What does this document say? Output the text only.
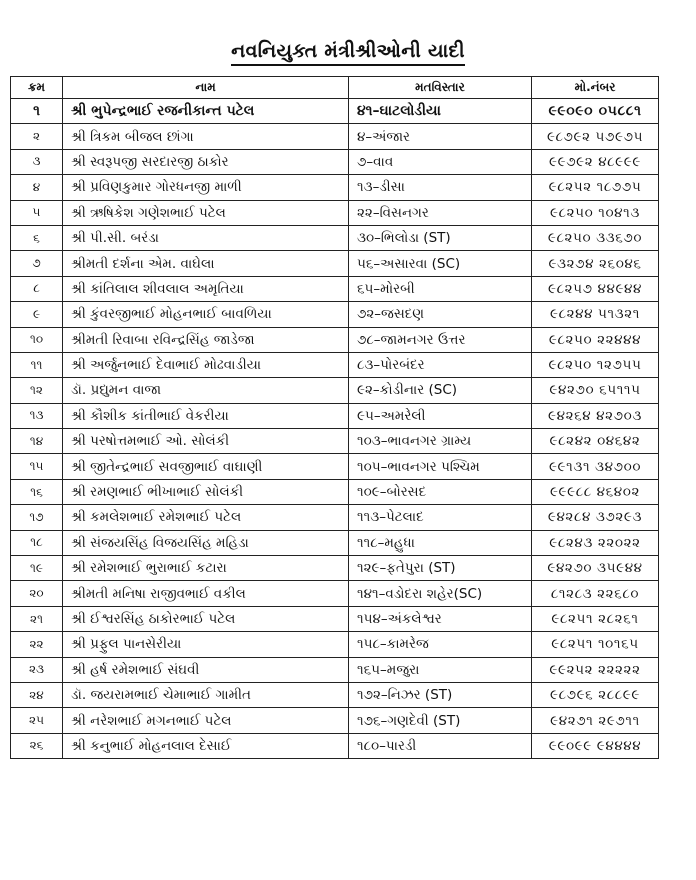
નવનિયુક્ત મંત્રીશ્રીઓની યાદી
ક્રમ	નામ	મતવિસ્તાર	મો.નંબર
૧	શ્રી ભુપેન્દ્રભાઈ રજનીકાન્ત પટેલ	૪૧–ઘાટલોડીયા	૯૯૦૯૦ ૦૫૮૮૧
૨	શ્રી ત્રિકમ બીજલ છાંગા	૪–અંજાર	૯૮૭૯૨ ૫૭૯૭૫
૩	શ્રી સ્વરૂપજી સરદારજી ઠાકોર	૭–વાવ	૯૯૭૯૨ ૪૮૯૯૯
૪	શ્રી પ્રવિણકુમાર ગોરધનજી માળી	૧૩–ડીસા	૯૮૨૫૨ ૧૮૭૭૫
૫	શ્રી ઋષિકેશ ગણેશભાઈ પટેલ	૨૨–વિસનગર	૯૮૨૫૦ ૧૦૪૧૩
૬	શ્રી પી.સી. બરંડા	૩૦–ભિલોડા (ST)	૯૮૨૫૦ ૩૩૬૭૦
૭	શ્રીમતી દર્શના એમ. વાઘેલા	૫૬–અસારવા (SC)	૯૩૨૭૪ ૨૬૦૪૬
૮	શ્રી કાંતિલાલ શીવલાલ અમૃતિયા	૬૫–મોરબી	૯૮૨૫૭ ૪૪૯૪૪
૯	શ્રી કુંવરજીભાઈ મોહનભાઈ બાવળિયા	૭૨–જસદણ	૯૮૨૪૪ ૫૧૩૨૧
૧૦	શ્રીમતી રિવાબા રવિન્દ્રસિંહ જાડેજા	૭૮–જામનગર ઉત્તર	૯૮૨૫૦ ૨૨૪૪૪
૧૧	શ્રી અર્જુનભાઈ દેવાભાઈ મોઢવાડીયા	૮૩–પોરબંદર	૯૮૨૫૦ ૧૨૭૫૫
૧૨	ડૉ. પ્રદ્યુમન વાજા	૯૨–કોડીનાર (SC)	૯૪૨૭૦ ૬૫૧૧૫
૧૩	શ્રી કૌશીક કાંતીભાઈ વેકરીયા	૯૫–અમરેલી	૯૪૨૬૪ ૪૨૭૦૩
૧૪	શ્રી પરષોત્તમભાઈ ઓ. સોલંકી	૧૦૩–ભાવનગર ગ્રામ્ય	૯૮૨૪૨ ૦૪૬૪૨
૧૫	શ્રી જીતેન્દ્રભાઈ સવજીભાઈ વાઘાણી	૧૦૫–ભાવનગર પશ્ચિમ	૯૯૧૩૧ ૩૪૭૦૦
૧૬	શ્રી રમણભાઈ ભીખાભાઈ સોલંકી	૧૦૯–બોરસદ	૯૯૯૮૮ ૪૬૪૦૨
૧૭	શ્રી કમલેશભાઈ રમેશભાઈ પટેલ	૧૧૩–પેટલાદ	૯૪૨૮૪ ૩૭૨૯૩
૧૮	શ્રી સંજયસિંહ વિજયસિંહ મહિડા	૧૧૮–મહુધા	૯૮૨૪૩ ૨૨૦૨૨
૧૯	શ્રી રમેશભાઈ ભુરાભાઈ કટારા	૧૨૯–ફતેપુરા (ST)	૯૪૨૭૦ ૩૫૯૪૪
૨૦	શ્રીમતી મનિષા રાજીવભાઈ વકીલ	૧૪૧–વડોદરા શહેર(SC)	૮૧૨૮૩ ૨૨૬૮૦
૨૧	શ્રી ઈશ્વરસિંહ ઠાકોરભાઈ પટેલ	૧૫૪–અંકલેશ્વર	૯૮૨૫૧ ૨૮૨૬૧
૨૨	શ્રી પ્રફુલ પાનસેરીયા	૧૫૮–કામરેજ	૯૮૨૫૧ ૧૦૧૬૫
૨૩	શ્રી હર્ષ રમેશભાઈ સંઘવી	૧૬૫–મજુરા	૯૯૨૫૨ ૨૨૨૨૨
૨૪	ડૉ. જયરામભાઈ ચેમાભાઈ ગામીત	૧૭૨–નિઝર (ST)	૯૮૭૯૬ ૨૮૮૯૯
૨૫	શ્રી નરેશભાઈ મગનભાઈ પટેલ	૧૭૬–ગણદેવી (ST)	૯૪૨૭૧ ૨૯૭૧૧
૨૬	શ્રી કનુભાઈ મોહનલાલ દેસાઈ	૧૮૦–પારડી	૯૯૦૯૯ ૯૪૪૪૪
